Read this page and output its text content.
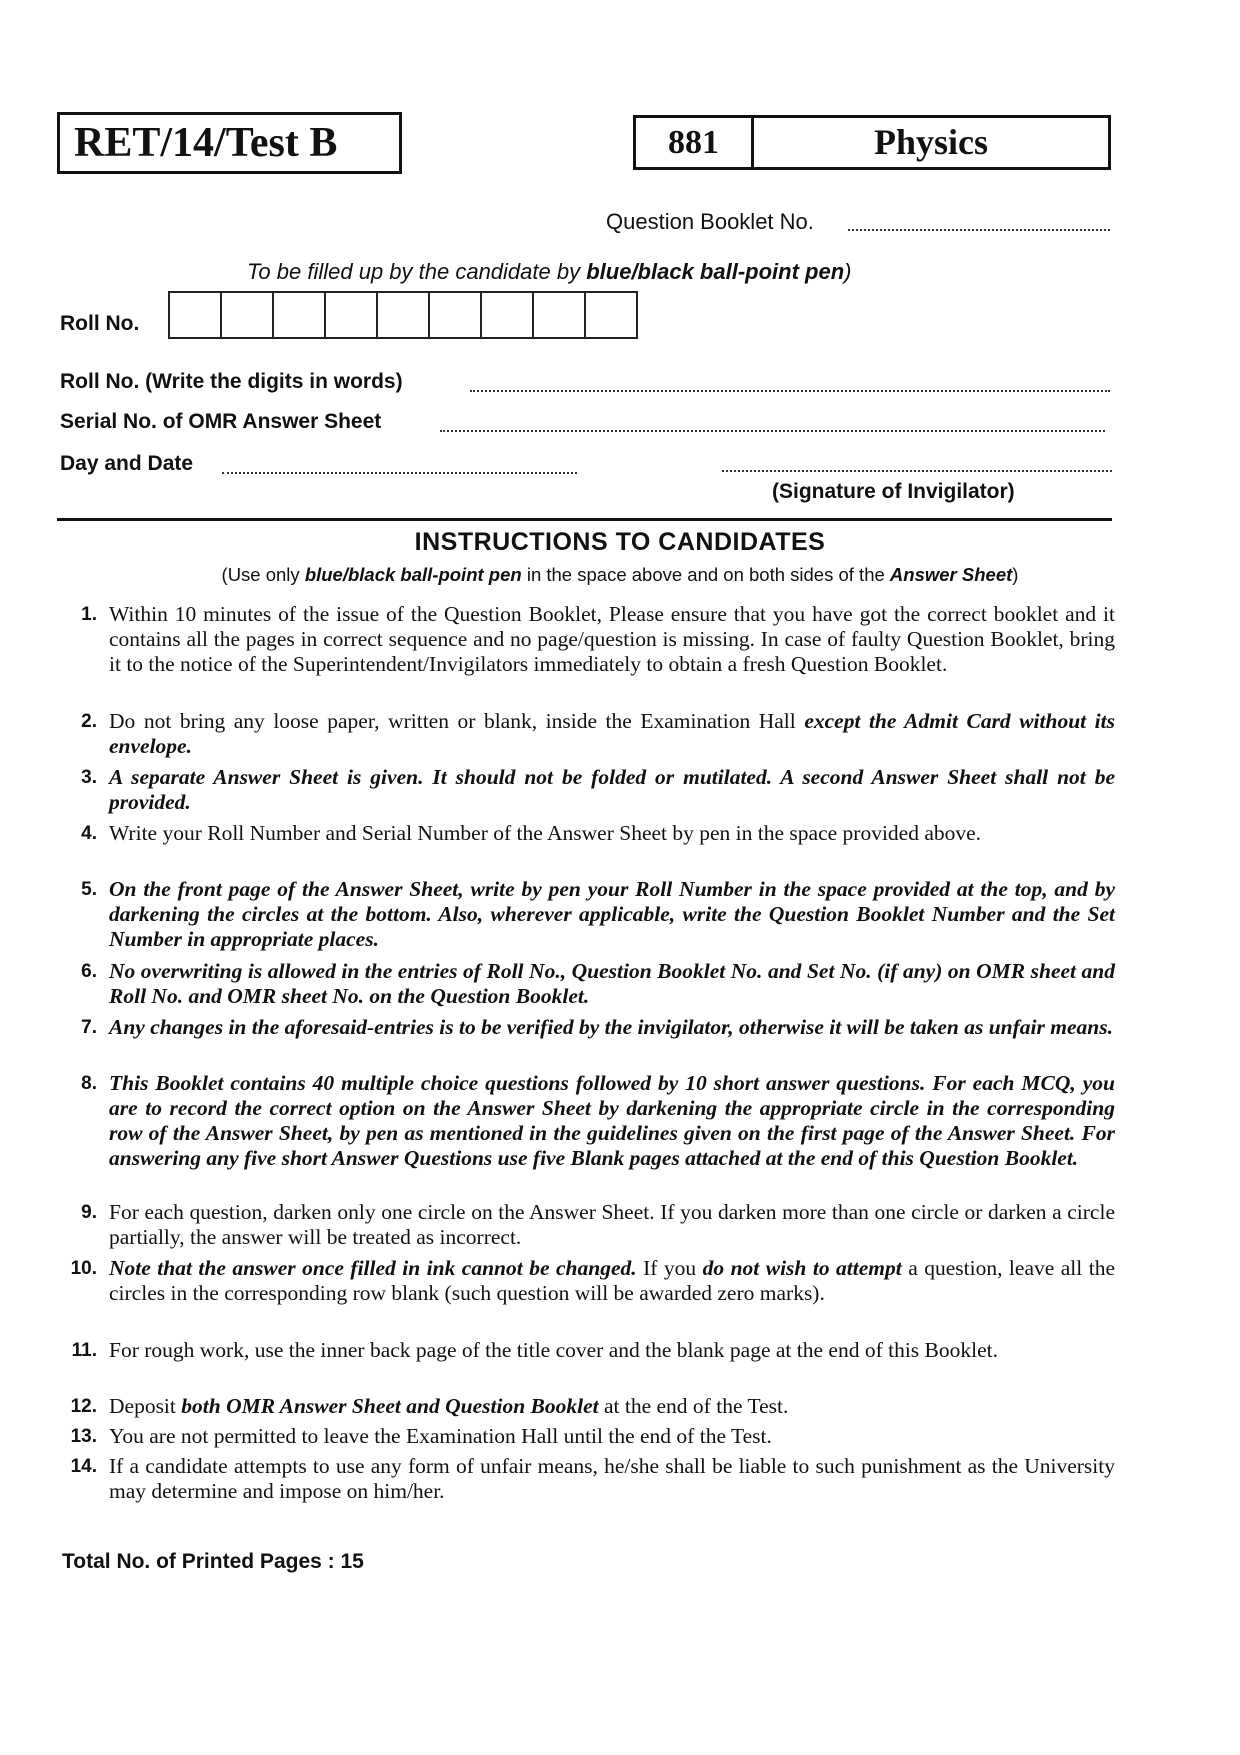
RET/14/Test B	881	Physics
Question Booklet No.
To be filled up by the candidate by blue/black ball-point pen)
Roll No.
Roll No. (Write the digits in words)
Serial No. of OMR Answer Sheet
Day and Date
(Signature of Invigilator)
INSTRUCTIONS TO CANDIDATES
(Use only blue/black ball-point pen in the space above and on both sides of the Answer Sheet)
1. Within 10 minutes of the issue of the Question Booklet, Please ensure that you have got the correct booklet and it contains all the pages in correct sequence and no page/question is missing. In case of faulty Question Booklet, bring it to the notice of the Superintendent/Invigilators immediately to obtain a fresh Question Booklet.
2. Do not bring any loose paper, written or blank, inside the Examination Hall except the Admit Card without its envelope.
3. A separate Answer Sheet is given. It should not be folded or mutilated. A second Answer Sheet shall not be provided.
4. Write your Roll Number and Serial Number of the Answer Sheet by pen in the space provided above.
5. On the front page of the Answer Sheet, write by pen your Roll Number in the space provided at the top, and by darkening the circles at the bottom. Also, wherever applicable, write the Question Booklet Number and the Set Number in appropriate places.
6. No overwriting is allowed in the entries of Roll No., Question Booklet No. and Set No. (if any) on OMR sheet and Roll No. and OMR sheet No. on the Question Booklet.
7. Any changes in the aforesaid-entries is to be verified by the invigilator, otherwise it will be taken as unfair means.
8. This Booklet contains 40 multiple choice questions followed by 10 short answer questions. For each MCQ, you are to record the correct option on the Answer Sheet by darkening the appropriate circle in the corresponding row of the Answer Sheet, by pen as mentioned in the guidelines given on the first page of the Answer Sheet. For answering any five short Answer Questions use five Blank pages attached at the end of this Question Booklet.
9. For each question, darken only one circle on the Answer Sheet. If you darken more than one circle or darken a circle partially, the answer will be treated as incorrect.
10. Note that the answer once filled in ink cannot be changed. If you do not wish to attempt a question, leave all the circles in the corresponding row blank (such question will be awarded zero marks).
11. For rough work, use the inner back page of the title cover and the blank page at the end of this Booklet.
12. Deposit both OMR Answer Sheet and Question Booklet at the end of the Test.
13. You are not permitted to leave the Examination Hall until the end of the Test.
14. If a candidate attempts to use any form of unfair means, he/she shall be liable to such punishment as the University may determine and impose on him/her.
Total No. of Printed Pages : 15
